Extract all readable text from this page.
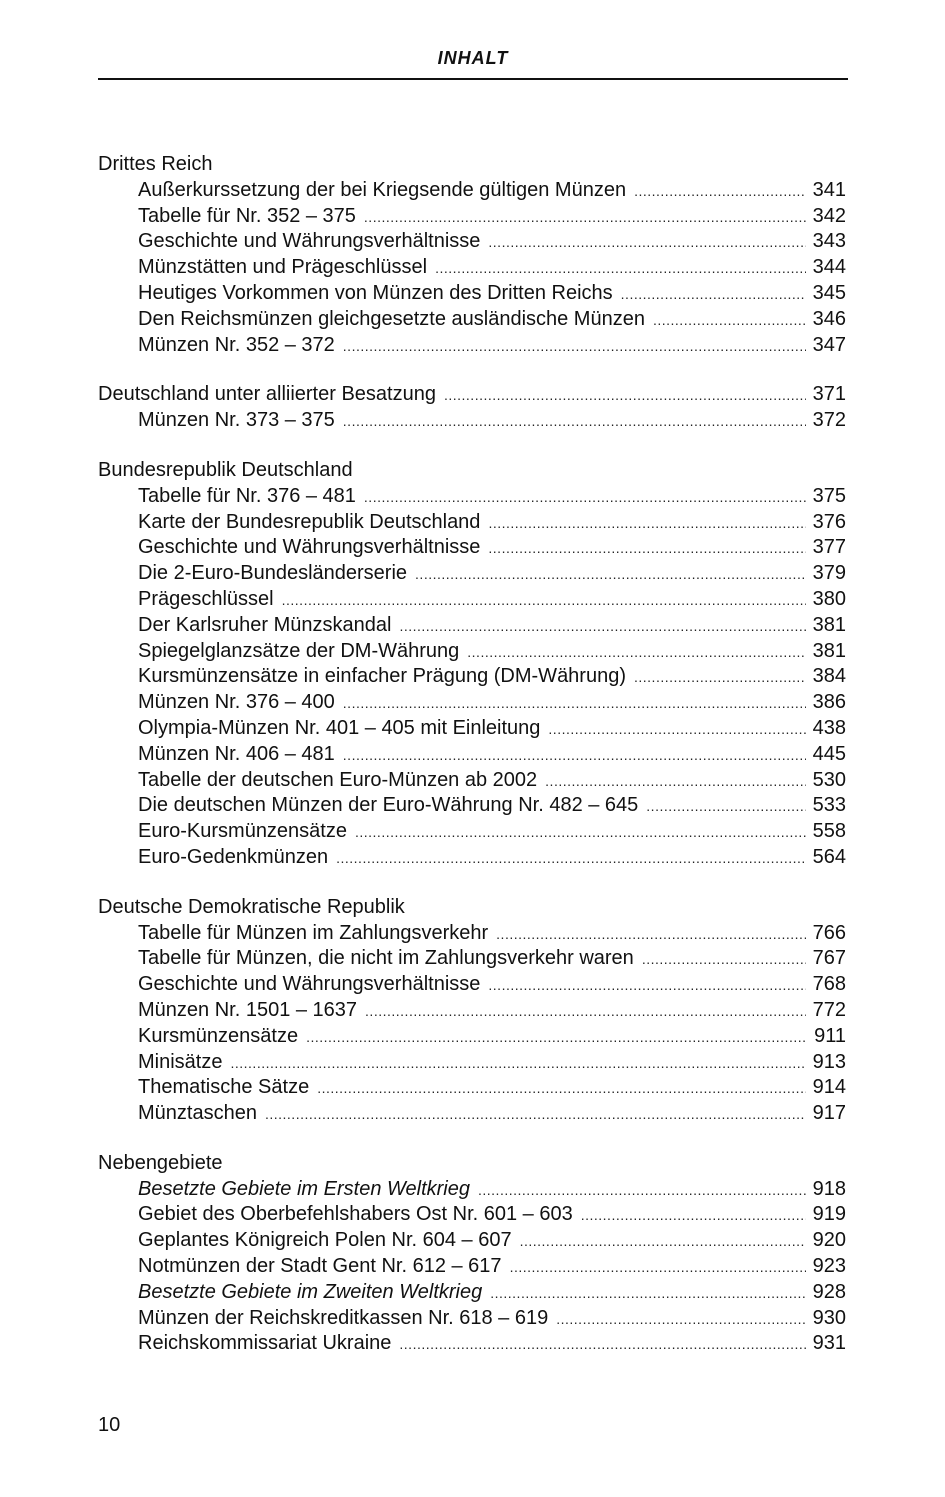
INHALT
Drittes Reich
Außerkurssetzung der bei Kriegsende gültigen Münzen .....	341
Tabelle für Nr. 352 – 375 .....	342
Geschichte und Währungsverhältnisse .....	343
Münzstätten und Prägeschlüssel .....	344
Heutiges Vorkommen von Münzen des Dritten Reichs .....	345
Den Reichsmünzen gleichgesetzte ausländische Münzen .....	346
Münzen Nr. 352 – 372 .....	347
Deutschland unter alliierter Besatzung .....	371
Münzen Nr. 373 – 375 .....	372
Bundesrepublik Deutschland
Tabelle für Nr. 376 – 481 .....	375
Karte der Bundesrepublik Deutschland .....	376
Geschichte und Währungsverhältnisse .....	377
Die 2-Euro-Bundesländerserie .....	379
Prägeschlüssel .....	380
Der Karlsruher Münzskandal .....	381
Spiegelglanzsätze der DM-Währung .....	381
Kursmünzensätze in einfacher Prägung (DM-Währung) .....	384
Münzen Nr. 376 – 400 .....	386
Olympia-Münzen Nr. 401 – 405 mit Einleitung .....	438
Münzen Nr. 406 – 481 .....	445
Tabelle der deutschen Euro-Münzen ab 2002 .....	530
Die deutschen Münzen der Euro-Währung Nr. 482 – 645 .....	533
Euro-Kursmünzensätze .....	558
Euro-Gedenkmünzen .....	564
Deutsche Demokratische Republik
Tabelle für Münzen im Zahlungsverkehr .....	766
Tabelle für Münzen, die nicht im Zahlungsverkehr waren .....	767
Geschichte und Währungsverhältnisse .....	768
Münzen Nr. 1501 – 1637 .....	772
Kursmünzensätze .....	911
Minisätze .....	913
Thematische Sätze .....	914
Münztaschen .....	917
Nebengebiete
Besetzte Gebiete im Ersten Weltkrieg .....	918
Gebiet des Oberbefehlshabers Ost Nr. 601 – 603 .....	919
Geplantes Königreich Polen Nr. 604 – 607 .....	920
Notmünzen der Stadt Gent Nr. 612 – 617 .....	923
Besetzte Gebiete im Zweiten Weltkrieg .....	928
Münzen der Reichskreditkassen Nr. 618 – 619 .....	930
Reichskommissariat Ukraine .....	931
10
